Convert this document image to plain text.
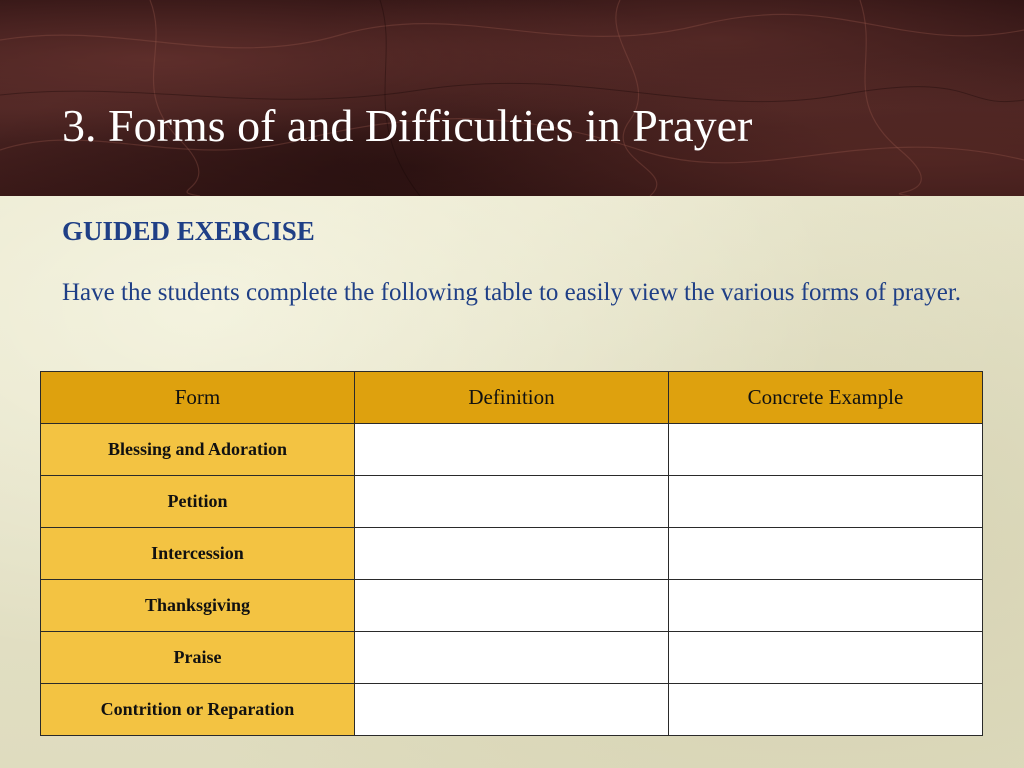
3. Forms of and Difficulties in Prayer
GUIDED EXERCISE

Have the students complete the following table to easily view the various forms of prayer.

Form	Definition	Concrete Example
Blessing and Adoration		
Petition		
Intercession		
Thanksgiving		
Praise		
Contrition or Reparation		
